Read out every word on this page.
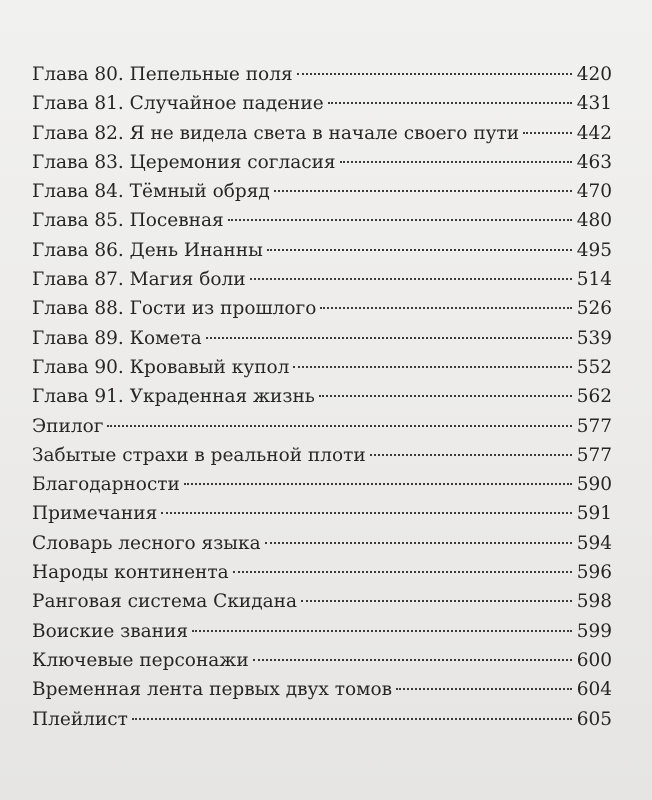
Глава 80. Пепельные поля	420
Глава 81. Случайное падение	431
Глава 82. Я не видела света в начале своего пути	442
Глава 83. Церемония согласия	463
Глава 84. Тёмный обряд	470
Глава 85. Посевная	480
Глава 86. День Инанны	495
Глава 87. Магия боли	514
Глава 88. Гости из прошлого	526
Глава 89. Комета	539
Глава 90. Кровавый купол	552
Глава 91. Украденная жизнь	562
Эпилог	577
Забытые страхи в реальной плоти	577
Благодарности	590
Примечания	591
Словарь лесного языка	594
Народы континента	596
Ранговая система Скидана	598
Воиские звания	599
Ключевые персонажи	600
Временная лента первых двух томов	604
Плейлист	605
